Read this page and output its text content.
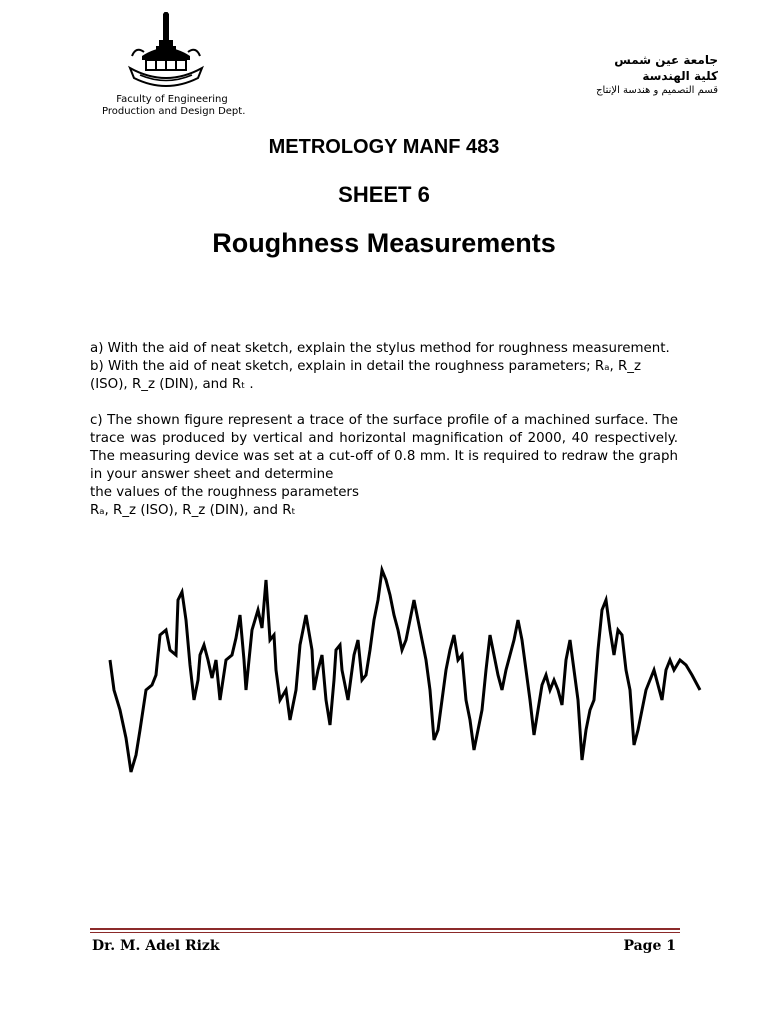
Faculty of Engineering
Production and Design Dept.
جامعة عين شمس
كلية الهندسة
قسم التصميم و هندسة الإنتاج
METROLOGY MANF 483
SHEET 6
Roughness Measurements

a) With the aid of neat sketch, explain the stylus method for roughness measurement.

b) With the aid of neat sketch, explain in detail the roughness parameters; Rₐ, R_z (ISO), R_z (DIN), and Rₜ .

c) The shown figure represent a trace of the surface profile of a machined surface. The trace was produced by vertical and horizontal magnification of 2000, 40 respectively. The measuring device was set at a cut-off of 0.8 mm. It is required to redraw the graph in your answer sheet and determine

the values of the roughness parameters

Rₐ, R_z (ISO), R_z (DIN), and Rₜ

Dr. M. Adel Rizk	Page 1
